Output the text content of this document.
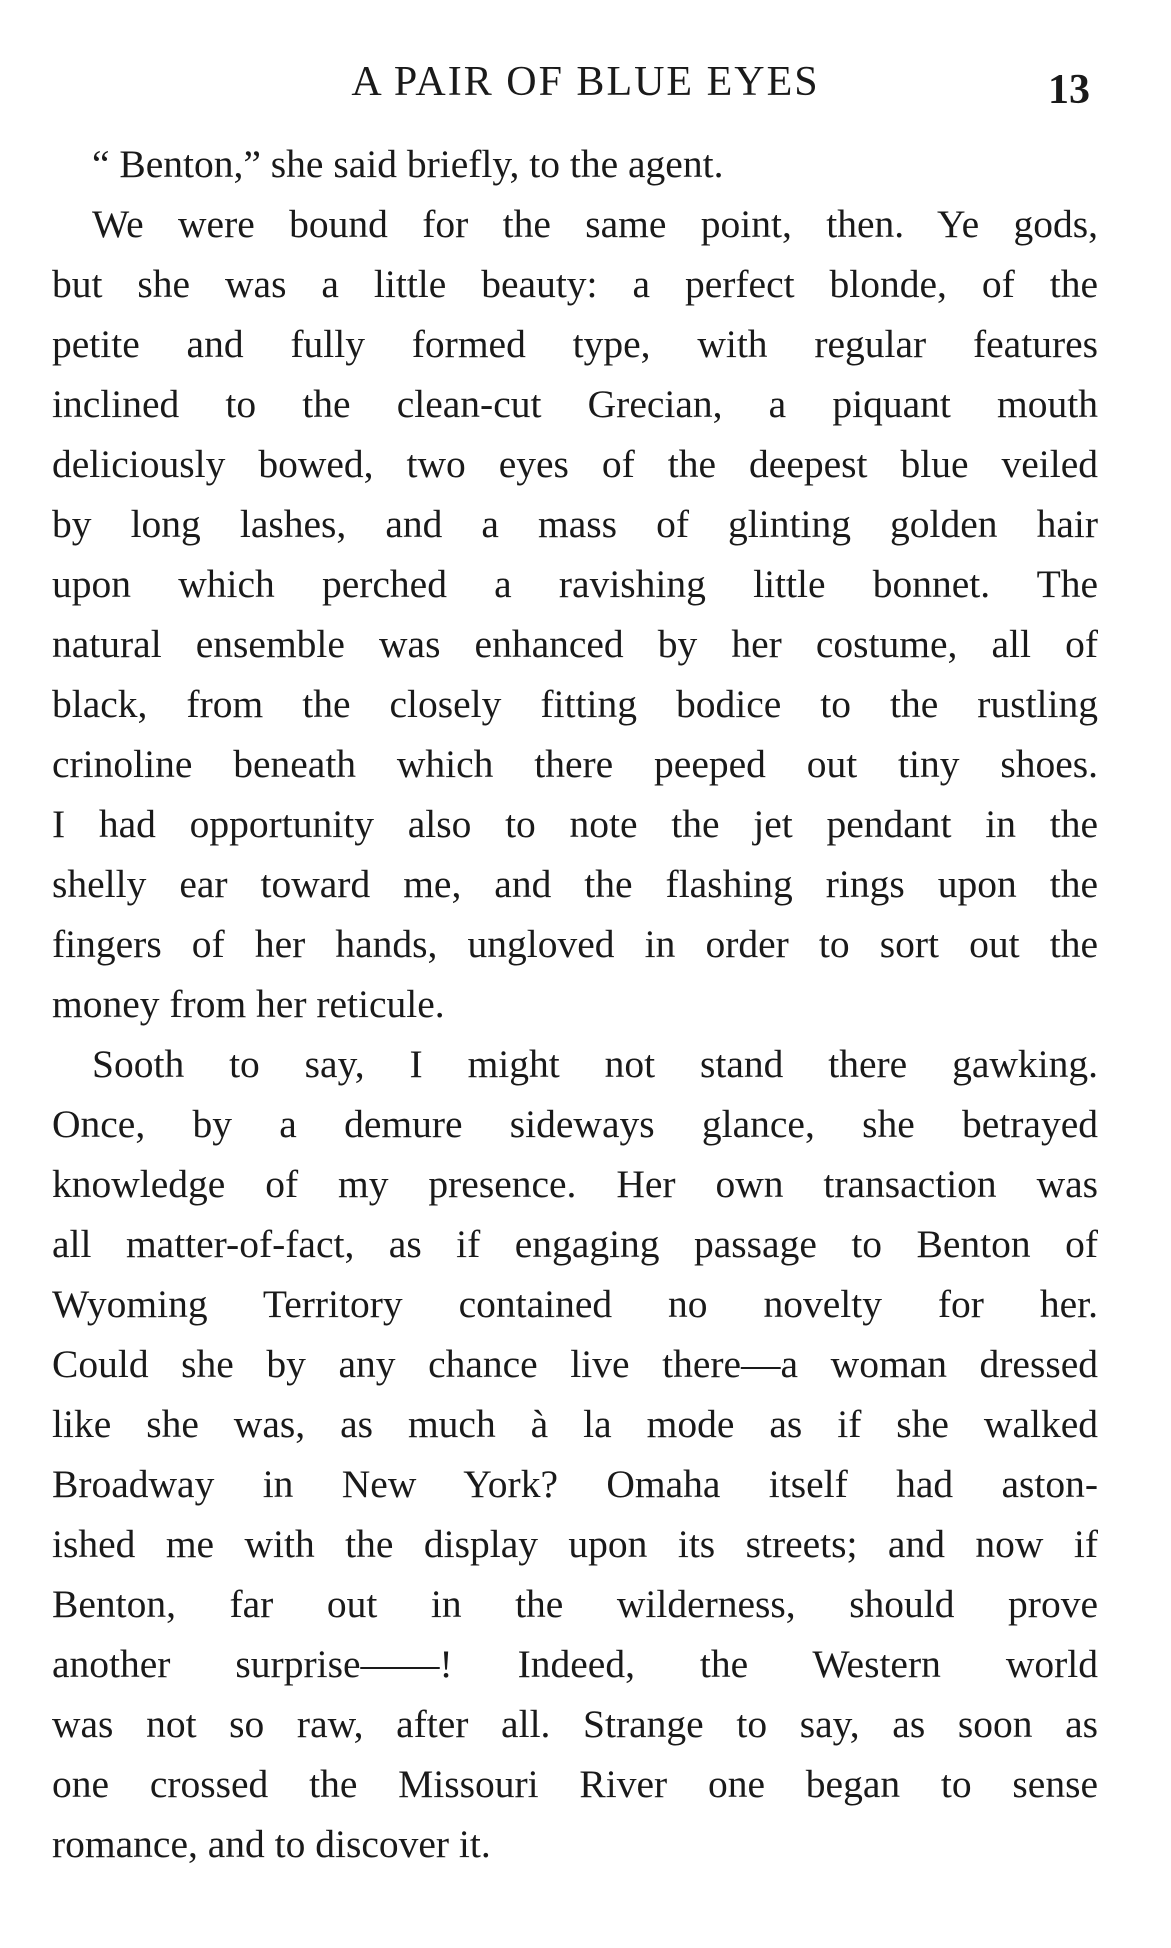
A PAIR OF BLUE EYES	13
“ Benton,” she said briefly, to the agent.
We were bound for the same point, then. Ye gods,
but she was a little beauty: a perfect blonde, of the
petite and fully formed type, with regular features
inclined to the clean-cut Grecian, a piquant mouth
deliciously bowed, two eyes of the deepest blue veiled
by long lashes, and a mass of glinting golden hair
upon which perched a ravishing little bonnet. The
natural ensemble was enhanced by her costume, all of
black, from the closely fitting bodice to the rustling
crinoline beneath which there peeped out tiny shoes.
I had opportunity also to note the jet pendant in the
shelly ear toward me, and the flashing rings upon the
fingers of her hands, ungloved in order to sort out the
money from her reticule.
Sooth to say, I might not stand there gawking.
Once, by a demure sideways glance, she betrayed
knowledge of my presence. Her own transaction was
all matter-of-fact, as if engaging passage to Benton of
Wyoming Territory contained no novelty for her.
Could she by any chance live there—a woman dressed
like she was, as much à la mode as if she walked
Broadway in New York? Omaha itself had aston-
ished me with the display upon its streets; and now if
Benton, far out in the wilderness, should prove
another surprise——! Indeed, the Western world
was not so raw, after all. Strange to say, as soon as
one crossed the Missouri River one began to sense
romance, and to discover it.
